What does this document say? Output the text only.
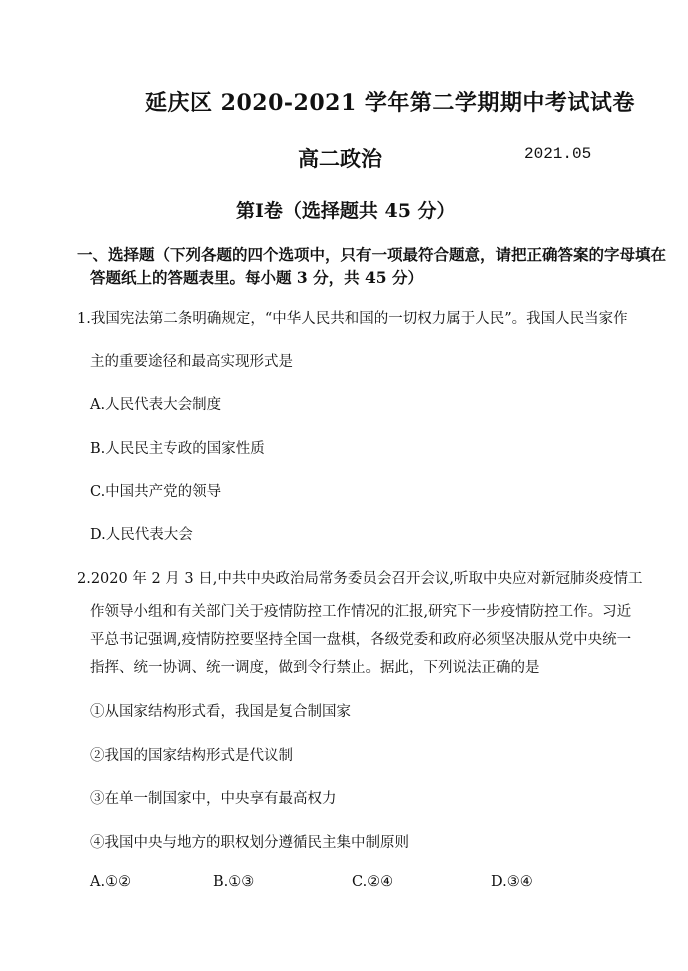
延庆区 2020-2021 学年第二学期期中考试试卷
高二政治	2021.05
第Ⅰ卷（选择题共 45 分）
一、选择题（下列各题的四个选项中，只有一项最符合题意，请把正确答案的字母填在
答题纸上的答题表里。每小题 3 分，共 45 分）
1.我国宪法第二条明确规定，“中华人民共和国的一切权力属于人民”。我国人民当家作
主的重要途径和最高实现形式是
A.人民代表大会制度
B.人民民主专政的国家性质
C.中国共产党的领导
D.人民代表大会
2.2020 年 2 月 3 日,中共中央政治局常务委员会召开会议,听取中央应对新冠肺炎疫情工
作领导小组和有关部门关于疫情防控工作情况的汇报,研究下一步疫情防控工作。习近
平总书记强调,疫情防控要坚持全国一盘棋，各级党委和政府必须坚决服从党中央统一
指挥、统一协调、统一调度，做到令行禁止。据此，下列说法正确的是
①从国家结构形式看，我国是复合制国家
②我国的国家结构形式是代议制
③在单一制国家中，中央享有最高权力
④我国中央与地方的职权划分遵循民主集中制原则
A.①②	B.①③	C.②④	D.③④
